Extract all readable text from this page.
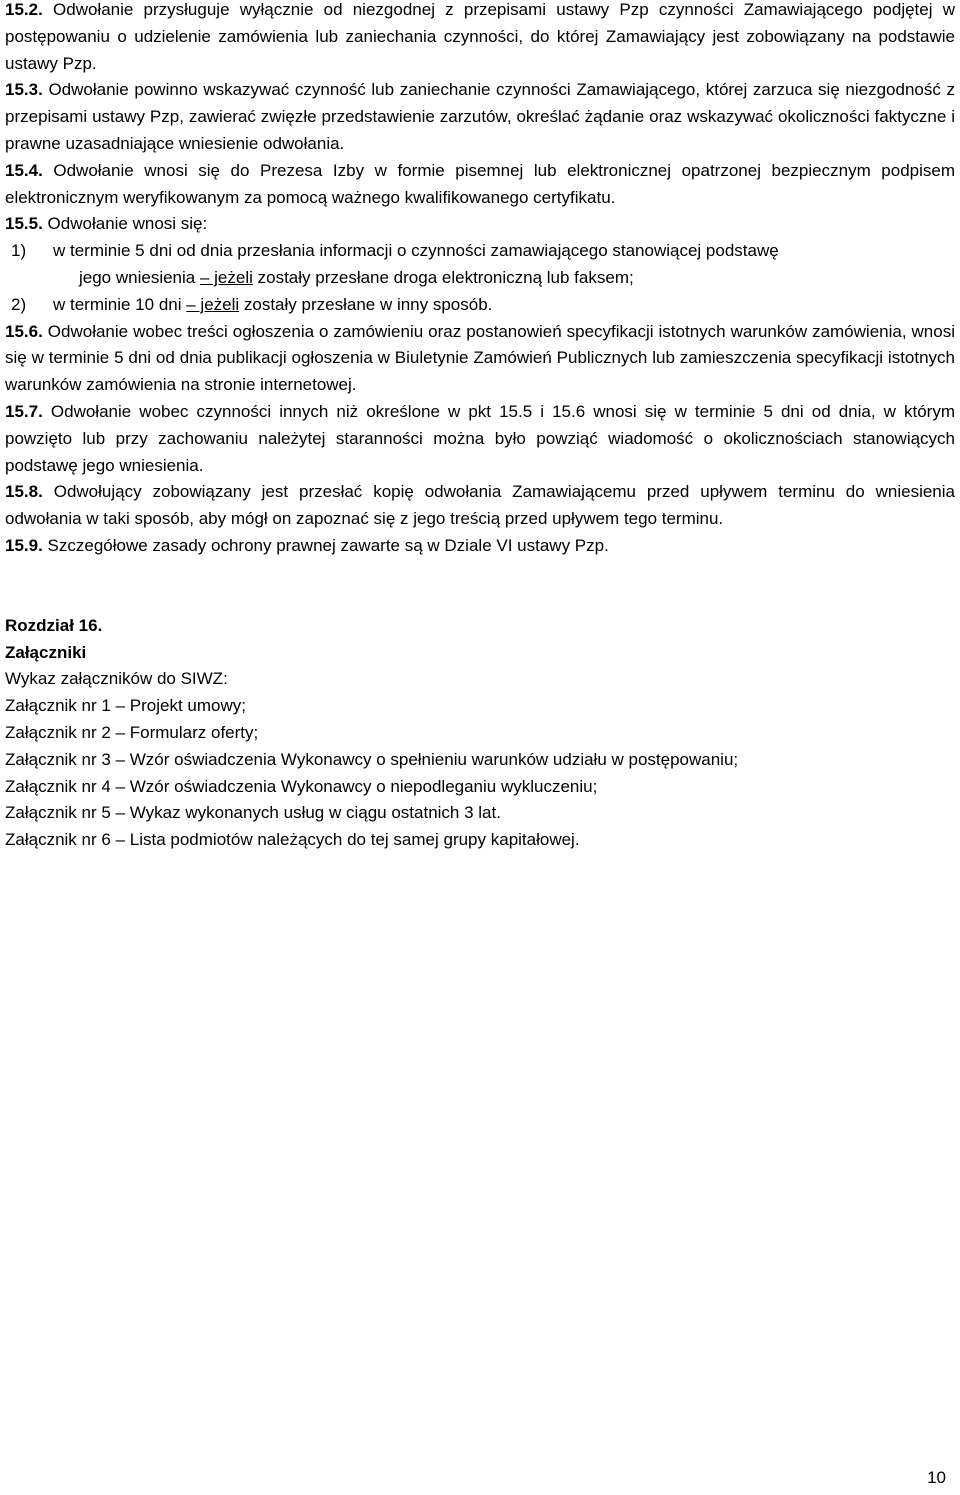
15.2. Odwołanie przysługuje wyłącznie od niezgodnej z przepisami ustawy Pzp czynności Zamawiającego podjętej w postępowaniu o udzielenie zamówienia lub zaniechania czynności, do której Zamawiający jest zobowiązany na podstawie ustawy Pzp.

15.3. Odwołanie powinno wskazywać czynność lub zaniechanie czynności Zamawiającego, której zarzuca się niezgodność z przepisami ustawy Pzp, zawierać zwięzłe przedstawienie zarzutów, określać żądanie oraz wskazywać okoliczności faktyczne i prawne uzasadniające wniesienie odwołania.

15.4. Odwołanie wnosi się do Prezesa Izby w formie pisemnej lub elektronicznej opatrzonej bezpiecznym podpisem elektronicznym weryfikowanym za pomocą ważnego kwalifikowanego certyfikatu.

15.5. Odwołanie wnosi się:

1)	w terminie 5 dni od dnia przesłania informacji o czynności zamawiającego stanowiącej podstawę
jego wniesienia – jeżeli zostały przesłane droga elektroniczną lub faksem;
2)	w terminie 10 dni – jeżeli zostały przesłane w inny sposób.

15.6. Odwołanie wobec treści ogłoszenia o zamówieniu oraz postanowień specyfikacji istotnych warunków zamówienia, wnosi się w terminie 5 dni od dnia publikacji ogłoszenia w Biuletynie Zamówień Publicznych lub zamieszczenia specyfikacji istotnych warunków zamówienia na stronie internetowej.

15.7. Odwołanie wobec czynności innych niż określone w pkt 15.5 i 15.6 wnosi się w terminie 5 dni od dnia, w którym powzięto lub przy zachowaniu należytej staranności można było powziąć wiadomość o okolicznościach stanowiących podstawę jego wniesienia.

15.8. Odwołujący zobowiązany jest przesłać kopię odwołania Zamawiającemu przed upływem terminu do wniesienia odwołania w taki sposób, aby mógł on zapoznać się z jego treścią przed upływem tego terminu.

15.9. Szczegółowe zasady ochrony prawnej zawarte są w Dziale VI ustawy Pzp.

Rozdział 16.

Załączniki

Wykaz załączników do SIWZ:

Załącznik nr 1 – Projekt umowy;

Załącznik nr 2 – Formularz oferty;

Załącznik nr 3 – Wzór oświadczenia Wykonawcy o spełnieniu warunków udziału w postępowaniu;

Załącznik nr 4 – Wzór oświadczenia Wykonawcy o niepodleganiu wykluczeniu;

Załącznik nr 5 – Wykaz wykonanych usług w ciągu ostatnich 3 lat.

Załącznik nr 6 – Lista podmiotów należących do tej samej grupy kapitałowej.

10
